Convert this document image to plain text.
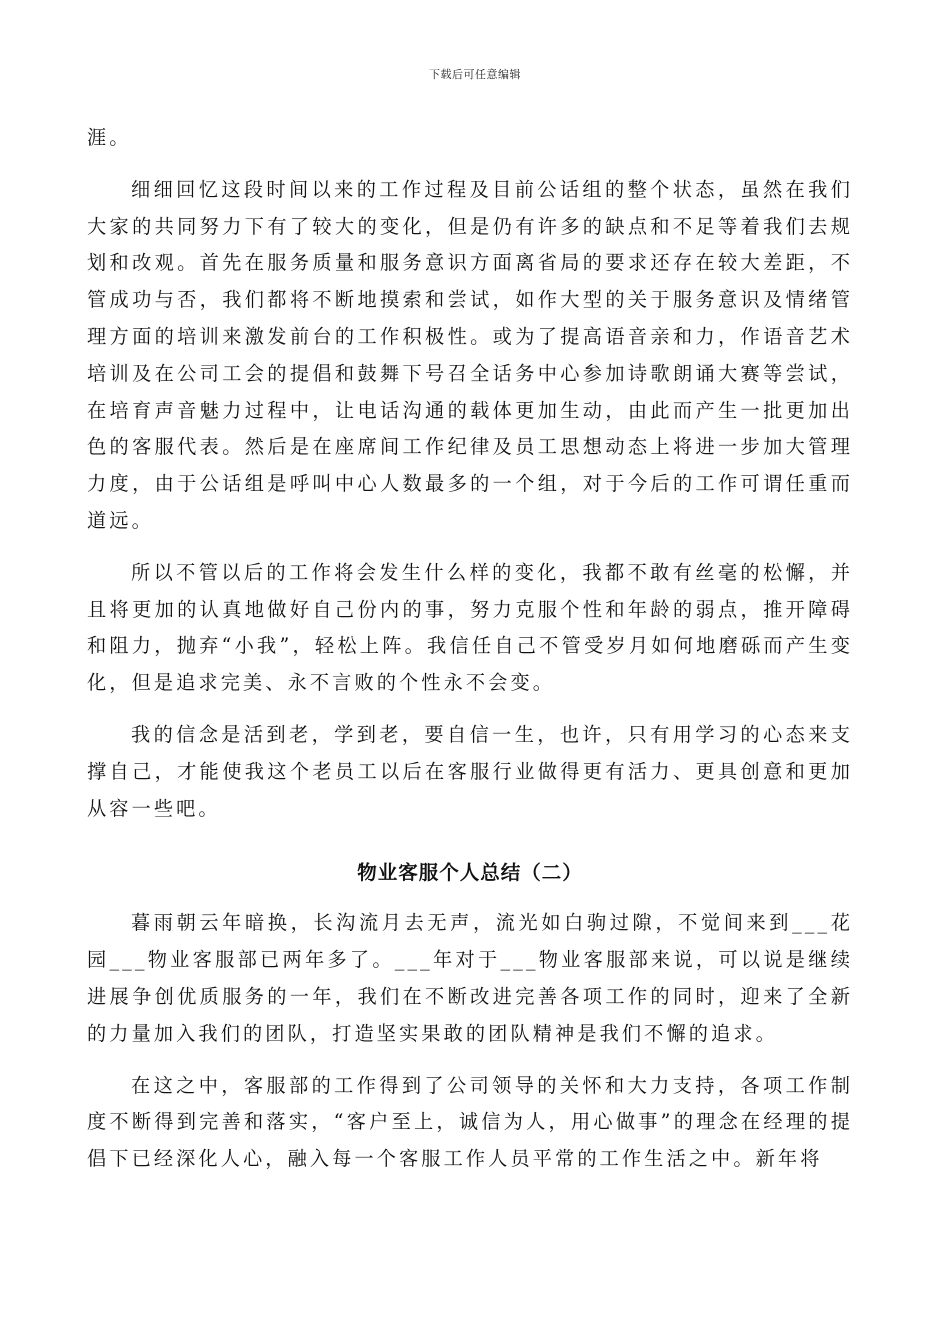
下载后可任意编辑

涯。

细细回忆这段时间以来的工作过程及目前公话组的整个状态，虽然在我们大家的共同努力下有了较大的变化，但是仍有许多的缺点和不足等着我们去规划和改观。首先在服务质量和服务意识方面离省局的要求还存在较大差距，不管成功与否，我们都将不断地摸索和尝试，如作大型的关于服务意识及情绪管理方面的培训来激发前台的工作积极性。或为了提高语音亲和力，作语音艺术培训及在公司工会的提倡和鼓舞下号召全话务中心参加诗歌朗诵大赛等尝试，在培育声音魅力过程中，让电话沟通的载体更加生动，由此而产生一批更加出色的客服代表。然后是在座席间工作纪律及员工思想动态上将进一步加大管理力度，由于公话组是呼叫中心人数最多的一个组，对于今后的工作可谓任重而道远。

所以不管以后的工作将会发生什么样的变化，我都不敢有丝毫的松懈，并且将更加的认真地做好自己份内的事，努力克服个性和年龄的弱点，推开障碍和阻力，抛弃“小我”，轻松上阵。我信任自己不管受岁月如何地磨砾而产生变化，但是追求完美、永不言败的个性永不会变。

我的信念是活到老，学到老，要自信一生，也许，只有用学习的心态来支撑自己，才能使我这个老员工以后在客服行业做得更有活力、更具创意和更加从容一些吧。

物业客服个人总结（二）

暮雨朝云年暗换，长沟流月去无声，流光如白驹过隙，不觉间来到___花园___物业客服部已两年多了。___年对于___物业客服部来说，可以说是继续进展争创优质服务的一年，我们在不断改进完善各项工作的同时，迎来了全新的力量加入我们的团队，打造坚实果敢的团队精神是我们不懈的追求。

在这之中，客服部的工作得到了公司领导的关怀和大力支持，各项工作制度不断得到完善和落实，“客户至上，诚信为人，用心做事”的理念在经理的提倡下已经深化人心，融入每一个客服工作人员平常的工作生活之中。新年将
